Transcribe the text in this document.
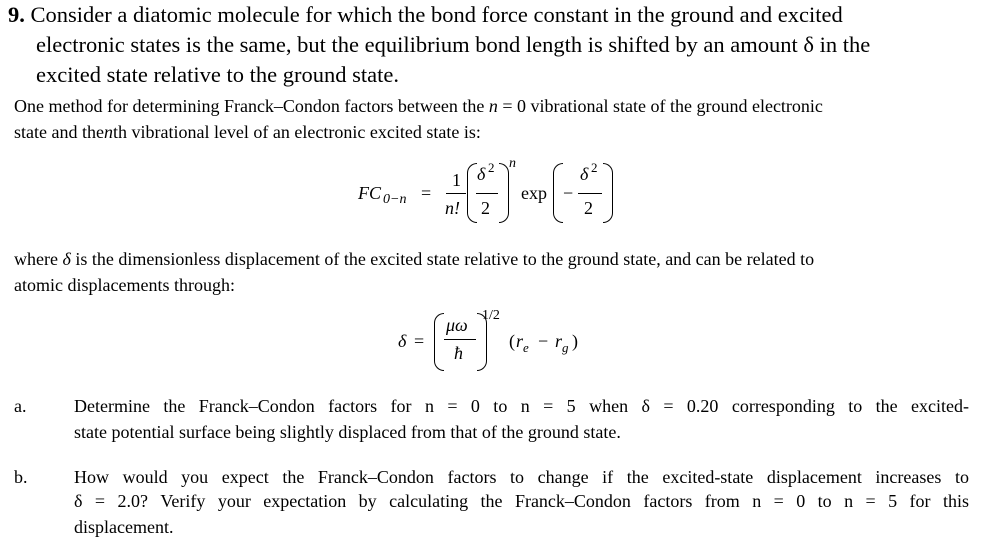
9. Consider a diatomic molecule for which the bond force constant in the ground and excited
electronic states is the same, but the equilibrium bond length is shifted by an amount δ in the
excited state relative to the ground state.
One method for determining Franck–Condon factors between the n = 0 vibrational state of the ground electronic
state and thenth vibrational level of an electronic excited state is:
FC 0−n =
1
n!
δ 2
2
n
exp −
δ 2
2
where δ is the dimensionless displacement of the excited state relative to the ground state, and can be related to
atomic displacements through:
δ =
μω
ħ
1/2
( r e − r g )
a.	Determine the Franck–Condon factors for n = 0 to n = 5 when δ = 0.20 corresponding to the excited-
state potential surface being slightly displaced from that of the ground state.
b.	How would you expect the Franck–Condon factors to change if the excited-state displacement increases to
δ = 2.0? Verify your expectation by calculating the Franck–Condon factors from n = 0 to n = 5 for this
displacement.
